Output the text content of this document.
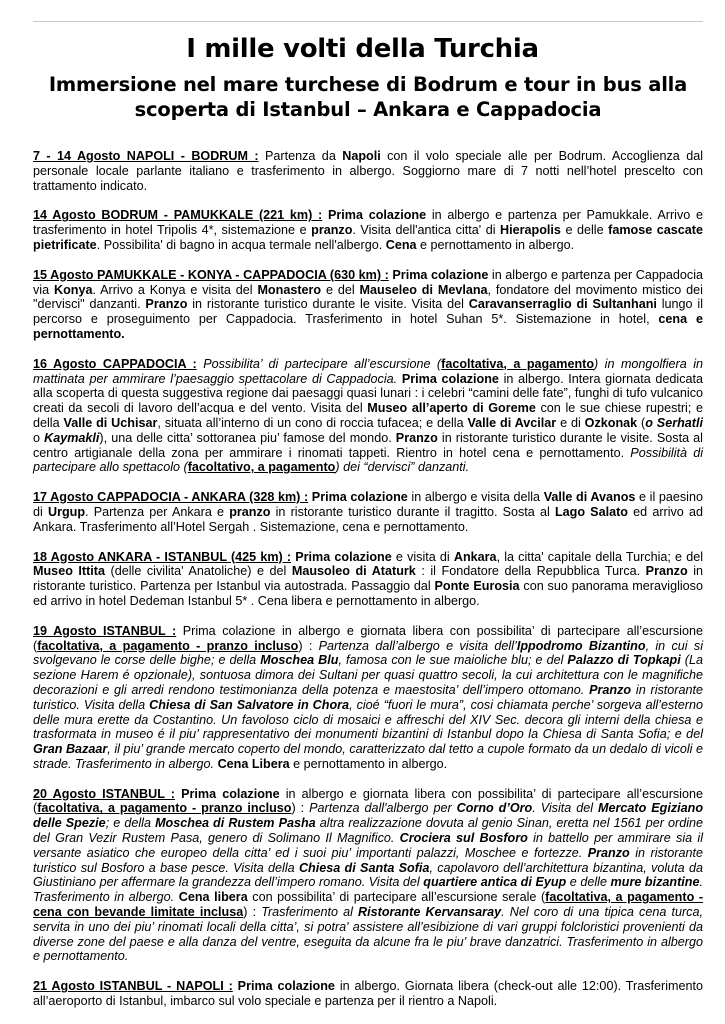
I mille volti della Turchia
Immersione nel mare turchese di Bodrum e tour in bus alla scoperta di Istanbul – Ankara e Cappadocia

7 - 14 Agosto NAPOLI - BODRUM : Partenza da Napoli con il volo speciale alle per Bodrum. Accoglienza dal personale locale parlante italiano e trasferimento in albergo. Soggiorno mare di 7 notti nell’hotel prescelto con trattamento indicato.

14 Agosto BODRUM - PAMUKKALE (221 km) : Prima colazione in albergo e partenza per Pamukkale. Arrivo e trasferimento in hotel Tripolis 4*, sistemazione e pranzo. Visita dell'antica citta' di Hierapolis e delle famose cascate pietrificate. Possibilita' di bagno in acqua termale nell'albergo. Cena e pernottamento in albergo.

15 Agosto PAMUKKALE - KONYA - CAPPADOCIA (630 km) : Prima colazione in albergo e partenza per Cappadocia via Konya. Arrivo a Konya e visita del Monastero e del Mauseleo di Mevlana, fondatore del movimento mistico dei "dervisci" danzanti. Pranzo in ristorante turistico durante le visite. Visita del Caravanserraglio di Sultanhani lungo il percorso e proseguimento per Cappadocia. Trasferimento in hotel Suhan 5*. Sistemazione in hotel, cena e pernottamento.

16 Agosto CAPPADOCIA : Possibilita’ di partecipare all’escursione (facoltativa, a pagamento) in mongolfiera in mattinata per ammirare l’paesaggio spettacolare di Cappadocia. Prima colazione in albergo. Intera giornata dedicata alla scoperta di questa suggestiva regione dai paesaggi quasi lunari : i celebri “camini delle fate”, funghi di tufo vulcanico creati da secoli di lavoro dell’acqua e del vento. Visita del Museo all’aperto di Goreme con le sue chiese rupestri; e della Valle di Uchisar, situata all’interno di un cono di roccia tufacea; e della Valle di Avcilar e di Ozkonak (o Serhatli o Kaymakli), una delle citta’ sottoranea piu’ famose del mondo. Pranzo in ristorante turistico durante le visite. Sosta al centro artigianale della zona per ammirare i rinomati tappeti. Rientro in hotel cena e pernottamento. Possibilità di partecipare allo spettacolo (facoltativo, a pagamento) dei “dervisci” danzanti.

17 Agosto CAPPADOCIA - ANKARA (328 km) : Prima colazione in albergo e visita della Valle di Avanos e il paesino di Urgup. Partenza per Ankara e pranzo in ristorante turistico durante il tragitto. Sosta al Lago Salato ed arrivo ad Ankara. Trasferimento all’Hotel Sergah . Sistemazione, cena e pernottamento.

18 Agosto ANKARA - ISTANBUL (425 km) : Prima colazione e visita di Ankara, la citta' capitale della Turchia; e del Museo Ittita (delle civilita' Anatoliche) e del Mausoleo di Ataturk : il Fondatore della Repubblica Turca. Pranzo in ristorante turistico. Partenza per Istanbul via autostrada. Passaggio dal Ponte Eurosia con suo panorama meraviglioso ed arrivo in hotel Dedeman Istanbul 5* . Cena libera e pernottamento in albergo.

19 Agosto ISTANBUL : Prima colazione in albergo e giornata libera con possibilita’ di partecipare all’escursione (facoltativa, a pagamento - pranzo incluso) : Partenza dall’albergo e visita dell’Ippodromo Bizantino, in cui si svolgevano le corse delle bighe; e della Moschea Blu, famosa con le sue maioliche blu; e del Palazzo di Topkapi (La sezione Harem é opzionale), sontuosa dimora dei Sultani per quasi quattro secoli, la cui architettura con le magnifiche decorazioni e gli arredi rendono testimonianza della potenza e maestosita’ dell’impero ottomano. Pranzo in ristorante turistico. Visita della Chiesa di San Salvatore in Chora, cioé “fuori le mura”, cosi chiamata perche’ sorgeva all’esterno delle mura erette da Costantino. Un favoloso ciclo di mosaici e affreschi del XIV Sec. decora gli interni della chiesa e trasformata in museo é il piu’ rappresentativo dei monumenti bizantini di Istanbul dopo la Chiesa di Santa Sofia; e del Gran Bazaar, il piu’ grande mercato coperto del mondo, caratterizzato dal tetto a cupole formato da un dedalo di vicoli e strade. Trasferimento in albergo. Cena Libera e pernottamento in albergo.

20 Agosto ISTANBUL : Prima colazione in albergo e giornata libera con possibilita’ di partecipare all’escursione (facoltativa, a pagamento - pranzo incluso) : Partenza dall'albergo per Corno d’Oro. Visita del Mercato Egiziano delle Spezie; e della Moschea di Rustem Pasha altra realizzazione dovuta al genio Sinan, eretta nel 1561 per ordine del Gran Vezir Rustem Pasa, genero di Solimano Il Magnifico. Crociera sul Bosforo in battello per ammirare sia il versante asiatico che europeo della citta’ ed i suoi piu’ importanti palazzi, Moschee e fortezze. Pranzo in ristorante turistico sul Bosforo a base pesce. Visita della Chiesa di Santa Sofia, capolavoro dell’architettura bizantina, voluta da Giustiniano per affermare la grandezza dell’impero romano. Visita del quartiere antica di Eyup e delle mure bizantine. Trasferimento in albergo. Cena libera con possibilita’ di partecipare all’escursione serale (facoltativa, a pagamento - cena con bevande limitate inclusa) : Trasferimento al Ristorante Kervansaray. Nel coro di una tipica cena turca, servita in uno dei piu’ rinomati locali della citta’, si potra' assistere all’esibizione di vari gruppi folcloristici provenienti da diverse zone del paese e alla danza del ventre, eseguita da alcune fra le piu’ brave danzatrici. Trasferimento in albergo e pernottamento.

21 Agosto ISTANBUL - NAPOLI : Prima colazione in albergo. Giornata libera (check-out alle 12:00). Trasferimento all’aeroporto di Istanbul, imbarco sul volo speciale e partenza per il rientro a Napoli.
